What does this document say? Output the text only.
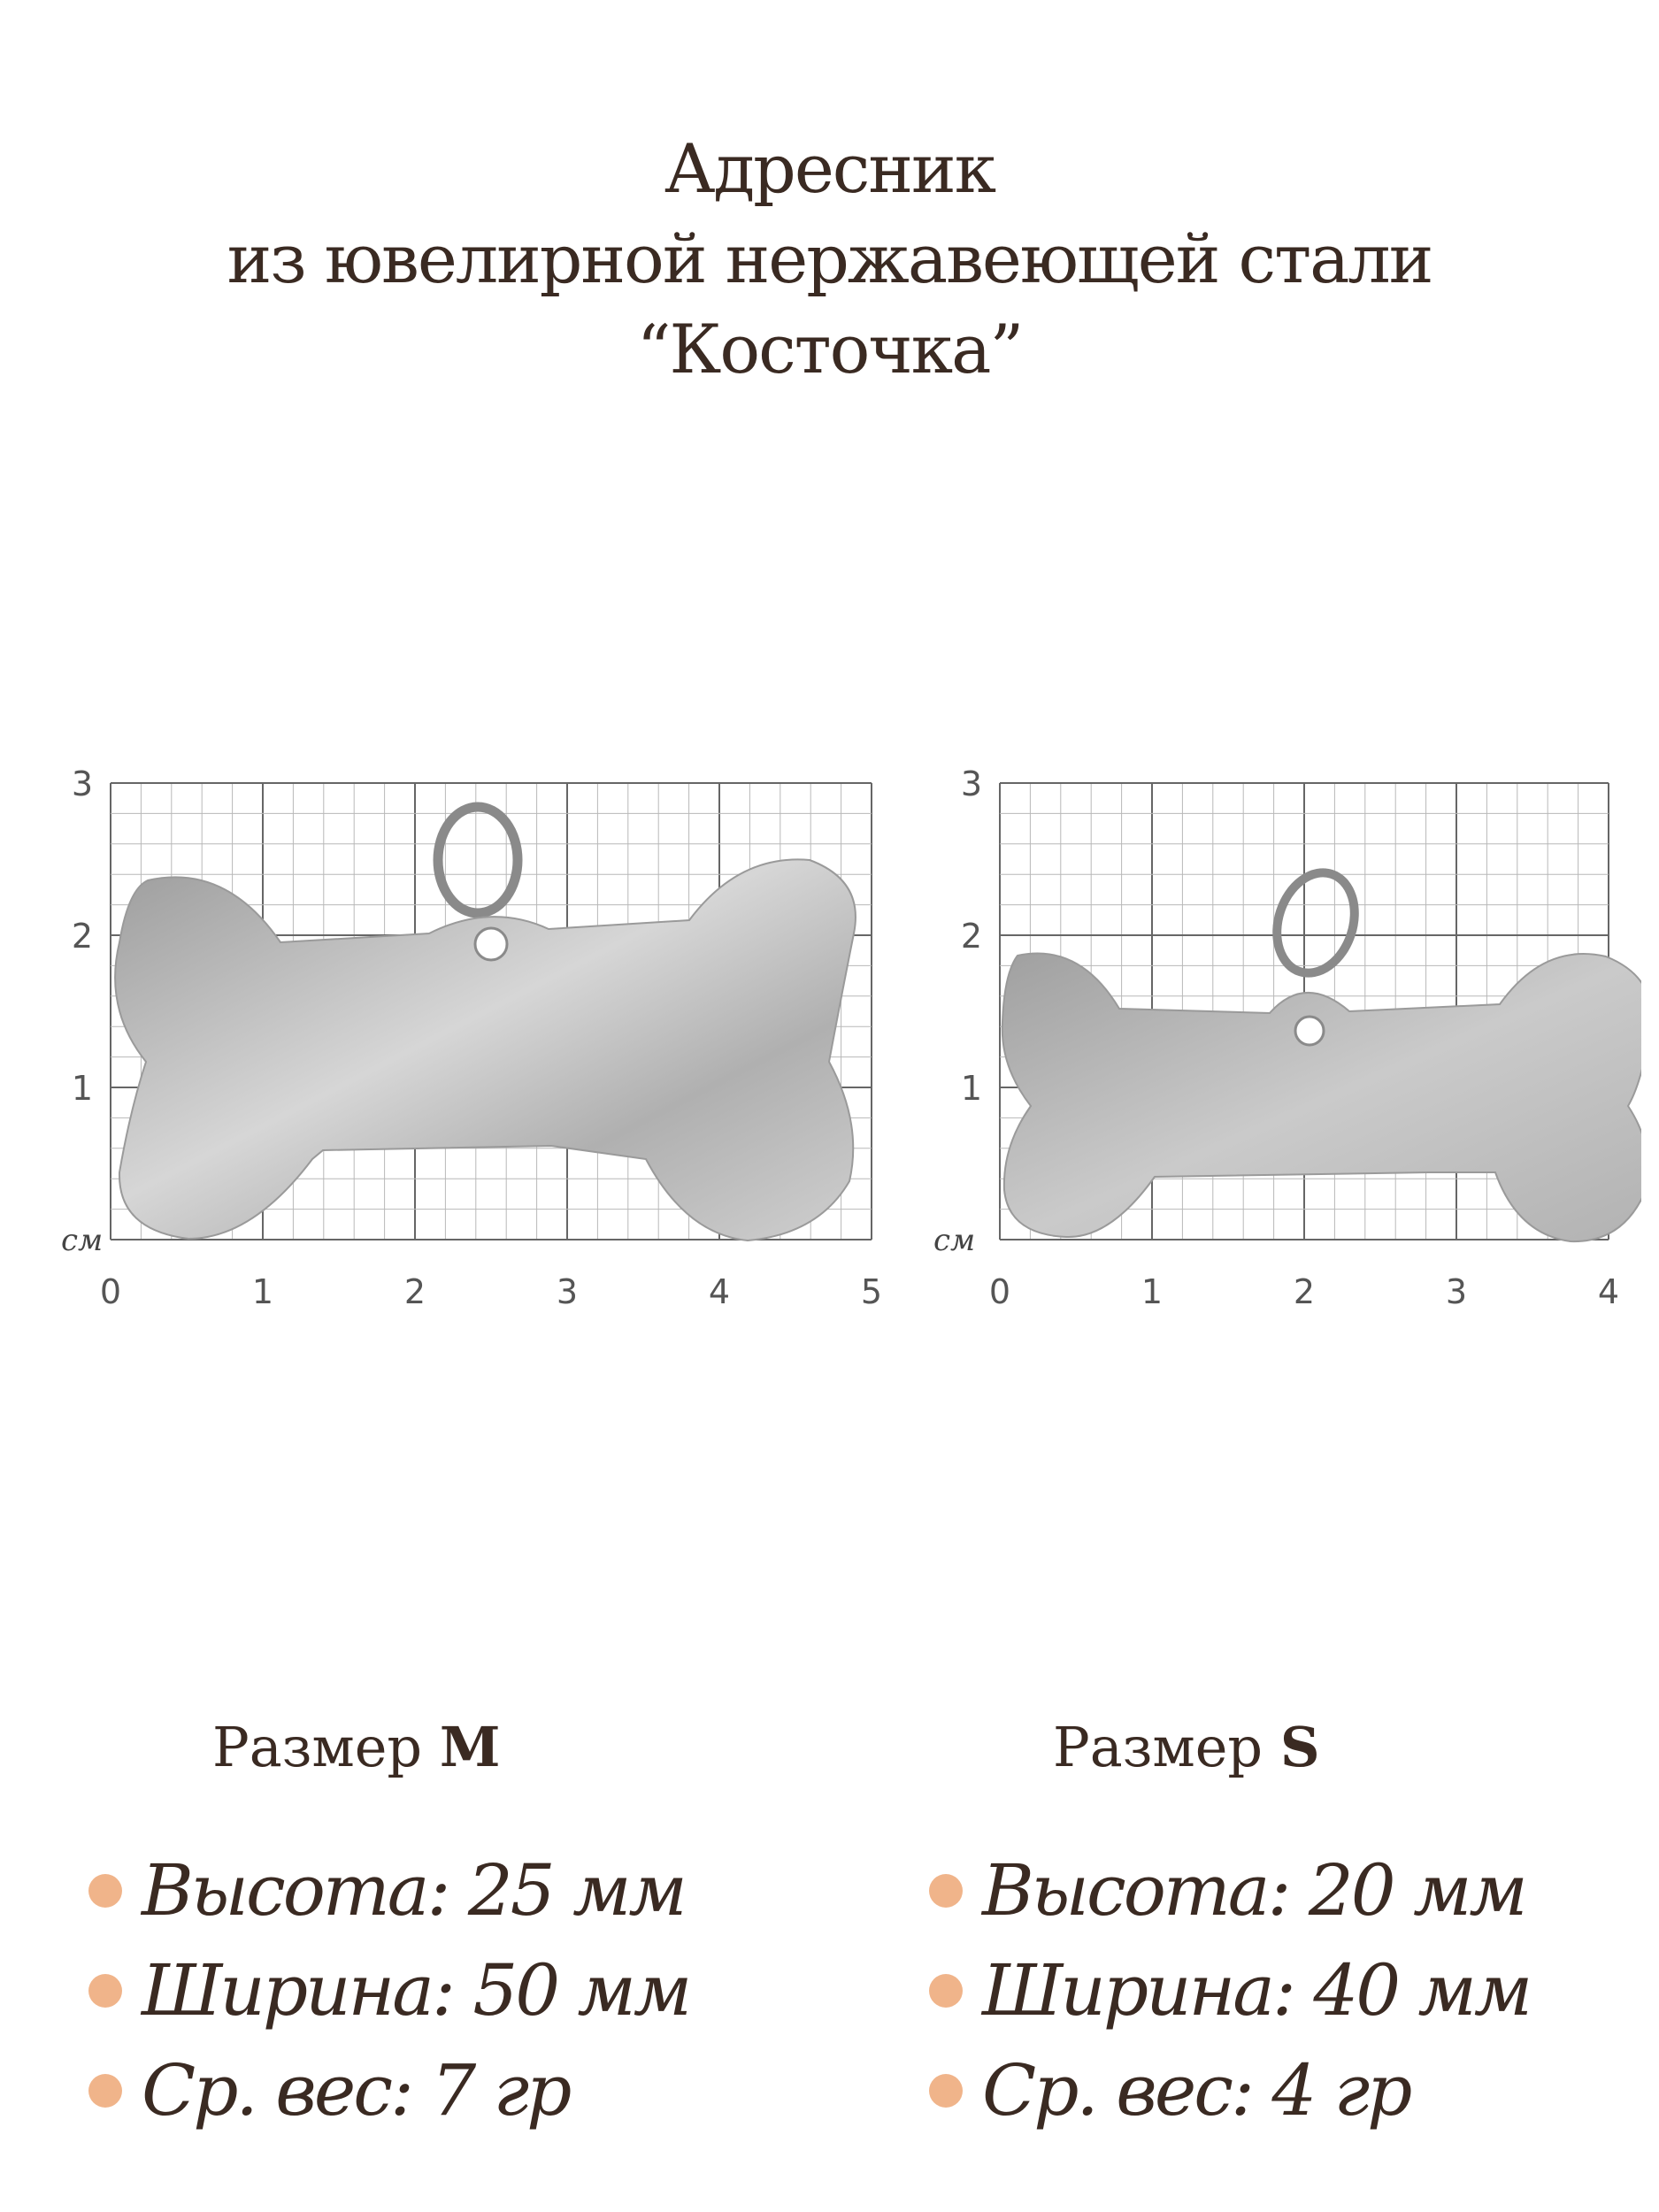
Адресник
из ювелирной нержавеющей стали
“Косточка”
см
0	1	2	3	4	5
1
2
3
см
0	1	2	3	4
1
2
3
Размер M
Высота: 25 мм
Ширина: 50 мм
Ср. вес: 7 гр
Размер S
Высота: 20 мм
Ширина: 40 мм
Ср. вес: 4 гр
